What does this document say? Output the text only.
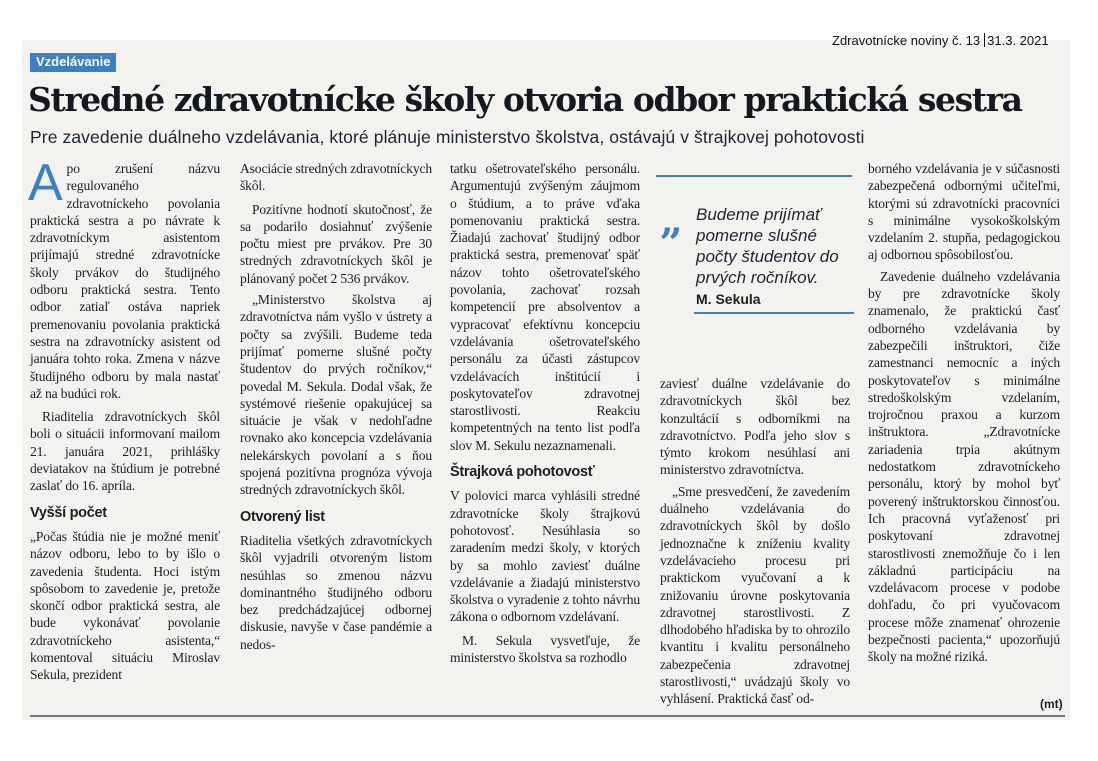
Zdravotnícke noviny č. 13 31.3. 2021
Vzdelávanie
Stredné zdravotnícke školy otvoria odbor praktická sestra
Pre zavedenie duálneho vzdelávania, ktoré plánuje ministerstvo školstva, ostávajú v štrajkovej pohotovosti

Apo zrušení názvu regulovaného zdravotníckeho povolania praktická sestra a po návrate k zdravotníckym asistentom prijímajú stredné zdravotnícke školy prvákov do študijného odboru praktická sestra. Tento odbor zatiaľ ostáva napriek premenovaniu povolania praktická sestra na zdravotnícky asistent od januára tohto roka. Zmena v názve študijného odboru by mala nastať až na budúci rok.

Riaditelia zdravotníckych škôl boli o situácii informovaní mailom 21. januára 2021, prihlášky deviatakov na štúdium je potrebné zaslať do 16. apríla.

Vyšší počet

„Počas štúdia nie je možné meniť názov odboru, lebo to by išlo o zavedenia študenta. Hoci istým spôsobom to zavedenie je, pretože skončí odbor praktická sestra, ale bude vykonávať povolanie zdravotníckeho asistenta,“ komentoval situáciu Miroslav Sekula, prezident

Asociácie stredných zdravotníckych škôl.

Pozitívne hodnotí skutočnosť, že sa podarilo dosiahnuť zvýšenie počtu miest pre prvákov. Pre 30 stredných zdravotníckych škôl je plánovaný počet 2 536 prvákov.

„Ministerstvo školstva aj zdravotníctva nám vyšlo v ústrety a počty sa zvýšili. Budeme teda prijímať pomerne slušné počty študentov do prvých ročníkov,“ povedal M. Sekula. Dodal však, že systémové riešenie opakujúcej sa situácie je však v nedohľadne rovnako ako koncepcia vzdelávania nelekárskych povolaní a s ňou spojená pozitívna prognóza vývoja stredných zdravotníckych škôl.

Otvorený list

Riaditelia všetkých zdravotníckych škôl vyjadrili otvoreným listom nesúhlas so zmenou názvu dominantného študijného odboru bez predchádzajúcej odbornej diskusie, navyše v čase pandémie a nedos-

tatku ošetrovateľského personálu. Argumentujú zvýšeným záujmom o štúdium, a to práve vďaka pomenovaniu praktická sestra. Žiadajú zachovať študijný odbor praktická sestra, premenovať späť názov tohto ošetrovateľského povolania, zachovať rozsah kompetencií pre absolventov a vypracovať efektívnu koncepciu vzdelávania ošetrovateľského personálu za účasti zástupcov vzdelávacích inštitúcií i poskytovateľov zdravotnej starostlivosti. Reakciu kompetentných na tento list podľa slov M. Sekulu nezaznamenali.

Štrajková pohotovosť

V polovici marca vyhlásili stredné zdravotnícke školy štrajkovú pohotovosť. Nesúhlasia so zaradením medzi školy, v ktorých by sa mohlo zaviesť duálne vzdelávanie a žiadajú ministerstvo školstva o vyradenie z tohto návrhu zákona o odbornom vzdelávaní.

M. Sekula vysvetľuje, že ministerstvo školstva sa rozhodlo

„ Budeme prijímať pomerne slušné počty študentov do prvých ročníkov.
M. Sekula

zaviesť duálne vzdelávanie do zdravotníckych škôl bez konzultácií s odborníkmi na zdravotníctvo. Podľa jeho slov s týmto krokom nesúhlasí ani ministerstvo zdravotníctva.

„Sme presvedčení, že zavedením duálneho vzdelávania do zdravotníckych škôl by došlo jednoznačne k zníženiu kvality vzdelávacieho procesu pri praktickom vyučovaní a k znižovaniu úrovne poskytovania zdravotnej starostlivosti. Z dlhodobého hľadiska by to ohrozilo kvantitu i kvalitu personálneho zabezpečenia zdravotnej starostlivosti,“ uvádzajú školy vo vyhlásení. Praktická časť od-

borného vzdelávania je v súčasnosti zabezpečená odbornými učiteľmi, ktorými sú zdravotnícki pracovníci s minimálne vysokoškolským vzdelaním 2. stupňa, pedagogickou aj odbornou spôsobilosťou.

Zavedenie duálneho vzdelávania by pre zdravotnícke školy znamenalo, že praktickú časť odborného vzdelávania by zabezpečili inštruktori, čiže zamestnanci nemocníc a iných poskytovateľov s minimálne stredoškolským vzdelaním, trojročnou praxou a kurzom inštruktora. „Zdravotnícke zariadenia trpia akútnym nedostatkom zdravotníckeho personálu, ktorý by mohol byť poverený inštruktorskou činnosťou. Ich pracovná vyťaženosť pri poskytovaní zdravotnej starostlivosti znemožňuje čo i len základnú participáciu na vzdelávacom procese v podobe dohľadu, čo pri vyučovacom procese môže znamenať ohrozenie bezpečnosti pacienta,“ upozorňujú školy na možné riziká.

(mt)
